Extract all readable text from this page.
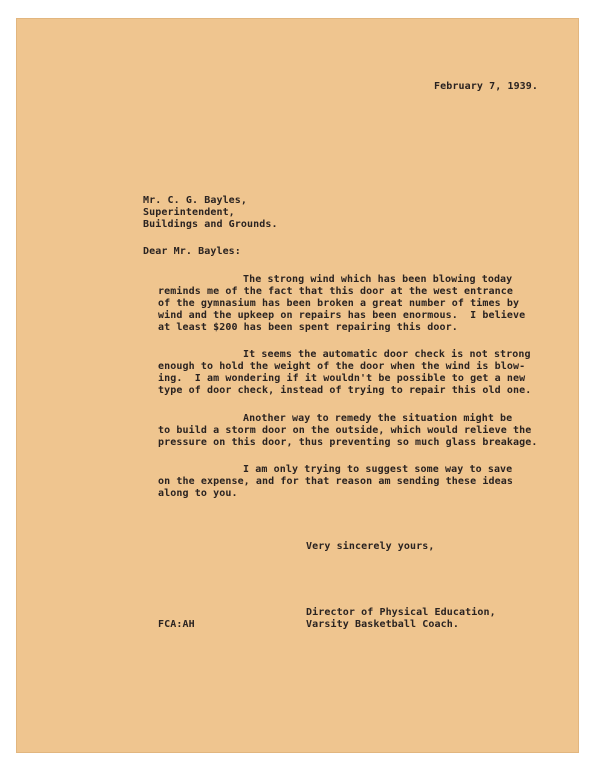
February 7, 1939.
Mr. C. G. Bayles,
Superintendent,
Buildings and Grounds.
Dear Mr. Bayles:
The strong wind which has been blowing today
reminds me of the fact that this door at the west entrance
of the gymnasium has been broken a great number of times by
wind and the upkeep on repairs has been enormous.  I believe
at least $200 has been spent repairing this door.
It seems the automatic door check is not strong
enough to hold the weight of the door when the wind is blow-
ing.  I am wondering if it wouldn't be possible to get a new
type of door check, instead of trying to repair this old one.
Another way to remedy the situation might be
to build a storm door on the outside, which would relieve the
pressure on this door, thus preventing so much glass breakage.
I am only trying to suggest some way to save
on the expense, and for that reason am sending these ideas
along to you.
Very sincerely yours,
Director of Physical Education,
Varsity Basketball Coach.
FCA:AH
